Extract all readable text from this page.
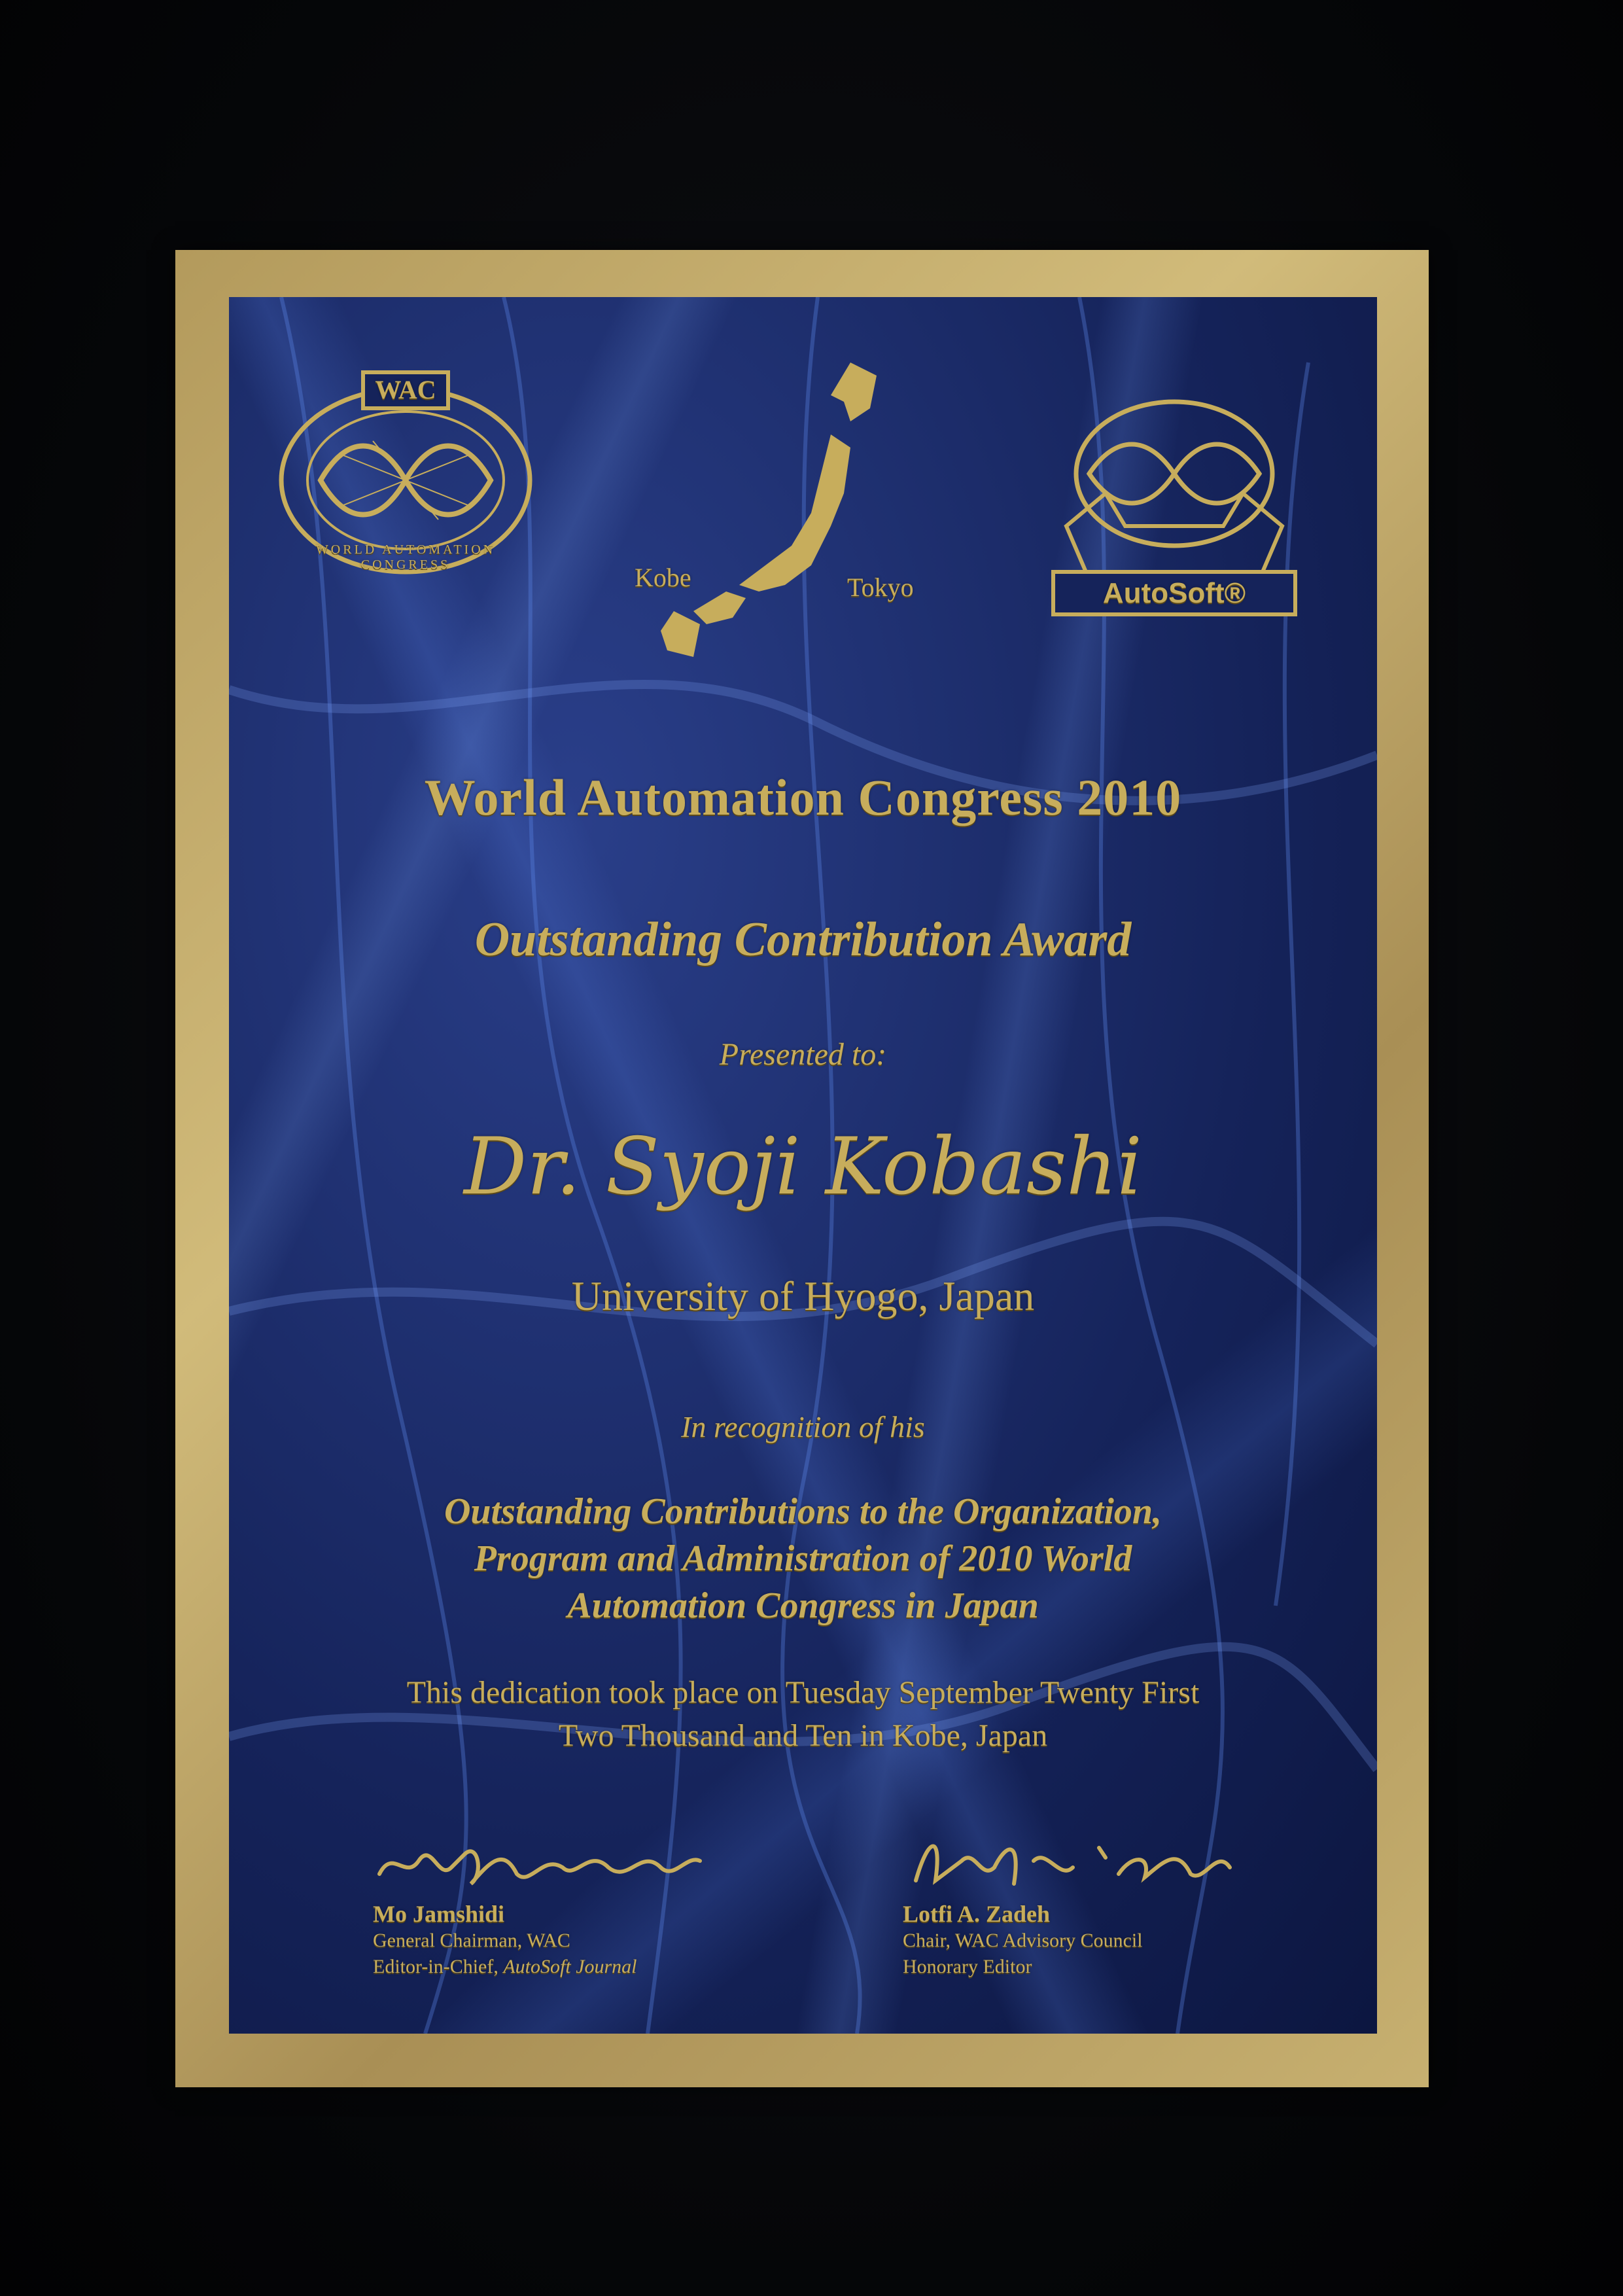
WAC
WORLD AUTOMATION CONGRESS	Kobe	Tokyo	AutoSoft®
World Automation Congress 2010
Outstanding Contribution Award
Presented to:
Dr. Syoji Kobashi
University of Hyogo, Japan
In recognition of his
Outstanding Contributions to the Organization,
Program and Administration of 2010 World
Automation Congress in Japan
This dedication took place on Tuesday September Twenty First
Two Thousand and Ten in Kobe, Japan
Mo Jamshidi
General Chairman, WAC
Editor-in-Chief, AutoSoft Journal
Lotfi A. Zadeh
Chair, WAC Advisory Council
Honorary Editor
